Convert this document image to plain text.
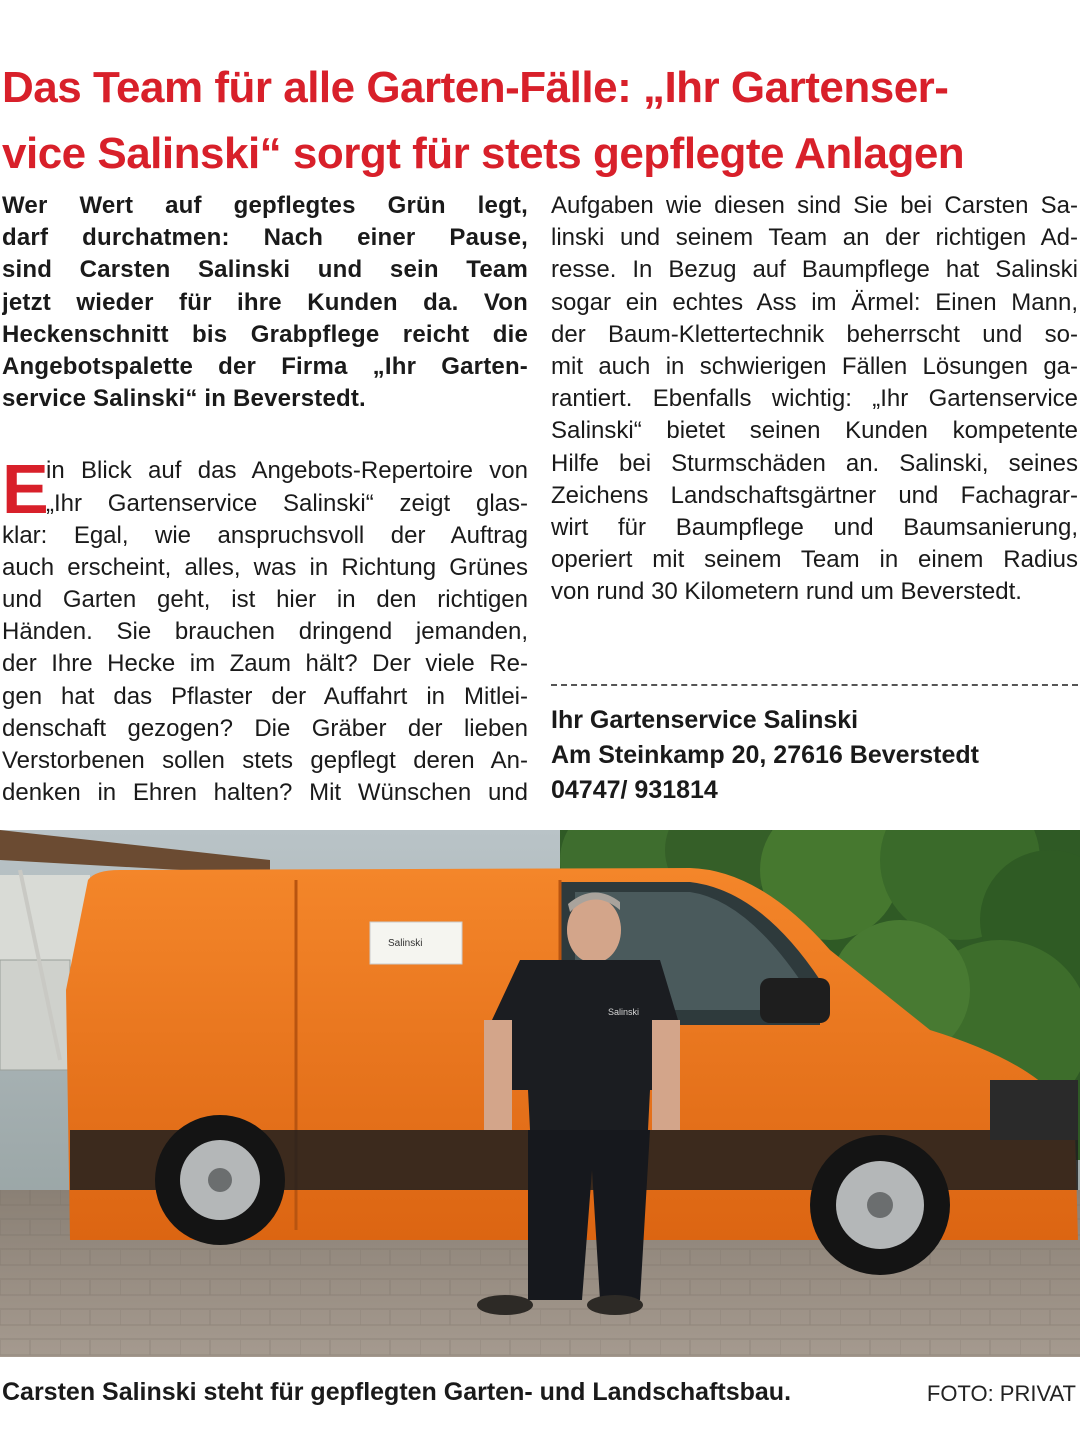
Das Team für alle Garten-Fälle: „Ihr Gartenser-
vice Salinski“ sorgt für stets gepflegte Anlagen
Wer Wert auf gepflegtes Grün legt,
darf durchatmen: Nach einer Pause,
sind Carsten Salinski und sein Team
jetzt wieder für ihre Kunden da. Von
Heckenschnitt bis Grabpflege reicht die
Angebotspalette der Firma „Ihr Garten-
service Salinski“ in Beverstedt.
E
in Blick auf das Angebots-Repertoire von
„Ihr Gartenservice Salinski“ zeigt glas-
klar: Egal, wie anspruchsvoll der Auftrag
auch erscheint, alles, was in Richtung Grünes
und Garten geht, ist hier in den richtigen
Händen. Sie brauchen dringend jemanden,
der Ihre Hecke im Zaum hält? Der viele Re-
gen hat das Pflaster der Auffahrt in Mitlei-
denschaft gezogen? Die Gräber der lieben
Verstorbenen sollen stets gepflegt deren An-
denken in Ehren halten? Mit Wünschen und
Aufgaben wie diesen sind Sie bei Carsten Sa-
linski und seinem Team an der richtigen Ad-
resse. In Bezug auf Baumpflege hat Salinski
sogar ein echtes Ass im Ärmel: Einen Mann,
der Baum-Klettertechnik beherrscht und so-
mit auch in schwierigen Fällen Lösungen ga-
rantiert. Ebenfalls wichtig: „Ihr Gartenservice
Salinski“ bietet seinen Kunden kompetente
Hilfe bei Sturmschäden an. Salinski, seines
Zeichens Landschaftsgärtner und Fachagrar-
wirt für Baumpflege und Baumsanierung,
operiert mit seinem Team in einem Radius
von rund 30 Kilometern rund um Beverstedt.
Ihr Gartenservice Salinski
Am Steinkamp 20, 27616 Beverstedt
04747/ 931814
Salinski
Salinski
Carsten Salinski steht für gepflegten Garten- und Landschaftsbau.	FOTO: PRIVAT
